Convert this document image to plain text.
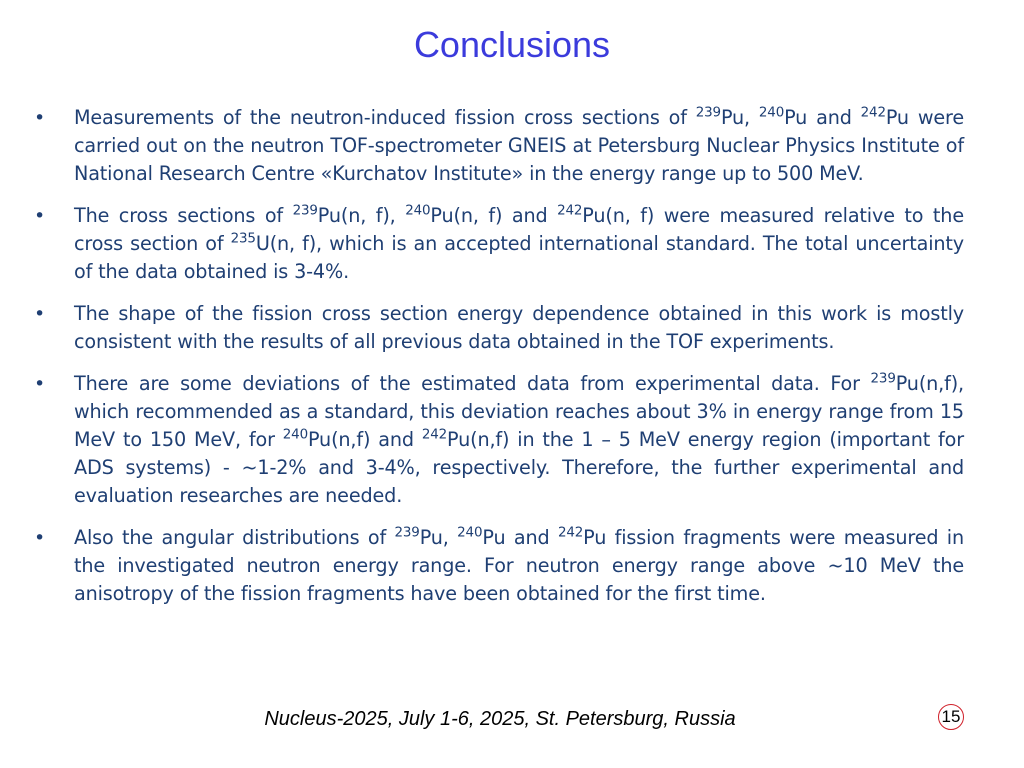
Conclusions
• Measurements of the neutron-induced fission cross sections of $^{239}$Pu, $^{240}$Pu and $^{242}$Pu were carried out on the neutron TOF-spectrometer GNEIS at Petersburg Nuclear Physics Institute of National Research Centre «Kurchatov Institute» in the energy range up to 500 MeV.
• The cross sections of $^{239}$Pu(n, f), $^{240}$Pu(n, f) and $^{242}$Pu(n, f) were measured relative to the cross section of $^{235}$U(n, f), which is an accepted international standard. The total uncertainty of the data obtained is 3-4%.
• The shape of the fission cross section energy dependence obtained in this work is mostly consistent with the results of all previous data obtained in the TOF experiments.
• There are some deviations of the estimated data from experimental data. For $^{239}$Pu(n,f), which recommended as a standard, this deviation reaches about 3% in energy range from 15 MeV to 150 MeV, for $^{240}$Pu(n,f) and $^{242}$Pu(n,f) in the 1 – 5 MeV energy region (important for ADS systems) - ~1-2% and 3-4%, respectively. Therefore, the further experimental and evaluation researches are needed.
• Also the angular distributions of $^{239}$Pu, $^{240}$Pu and $^{242}$Pu fission fragments were measured in the investigated neutron energy range. For neutron energy range above ~10 MeV the anisotropy of the fission fragments have been obtained for the first time.
Nucleus-2025, July 1-6, 2025, St. Petersburg, Russia	15
